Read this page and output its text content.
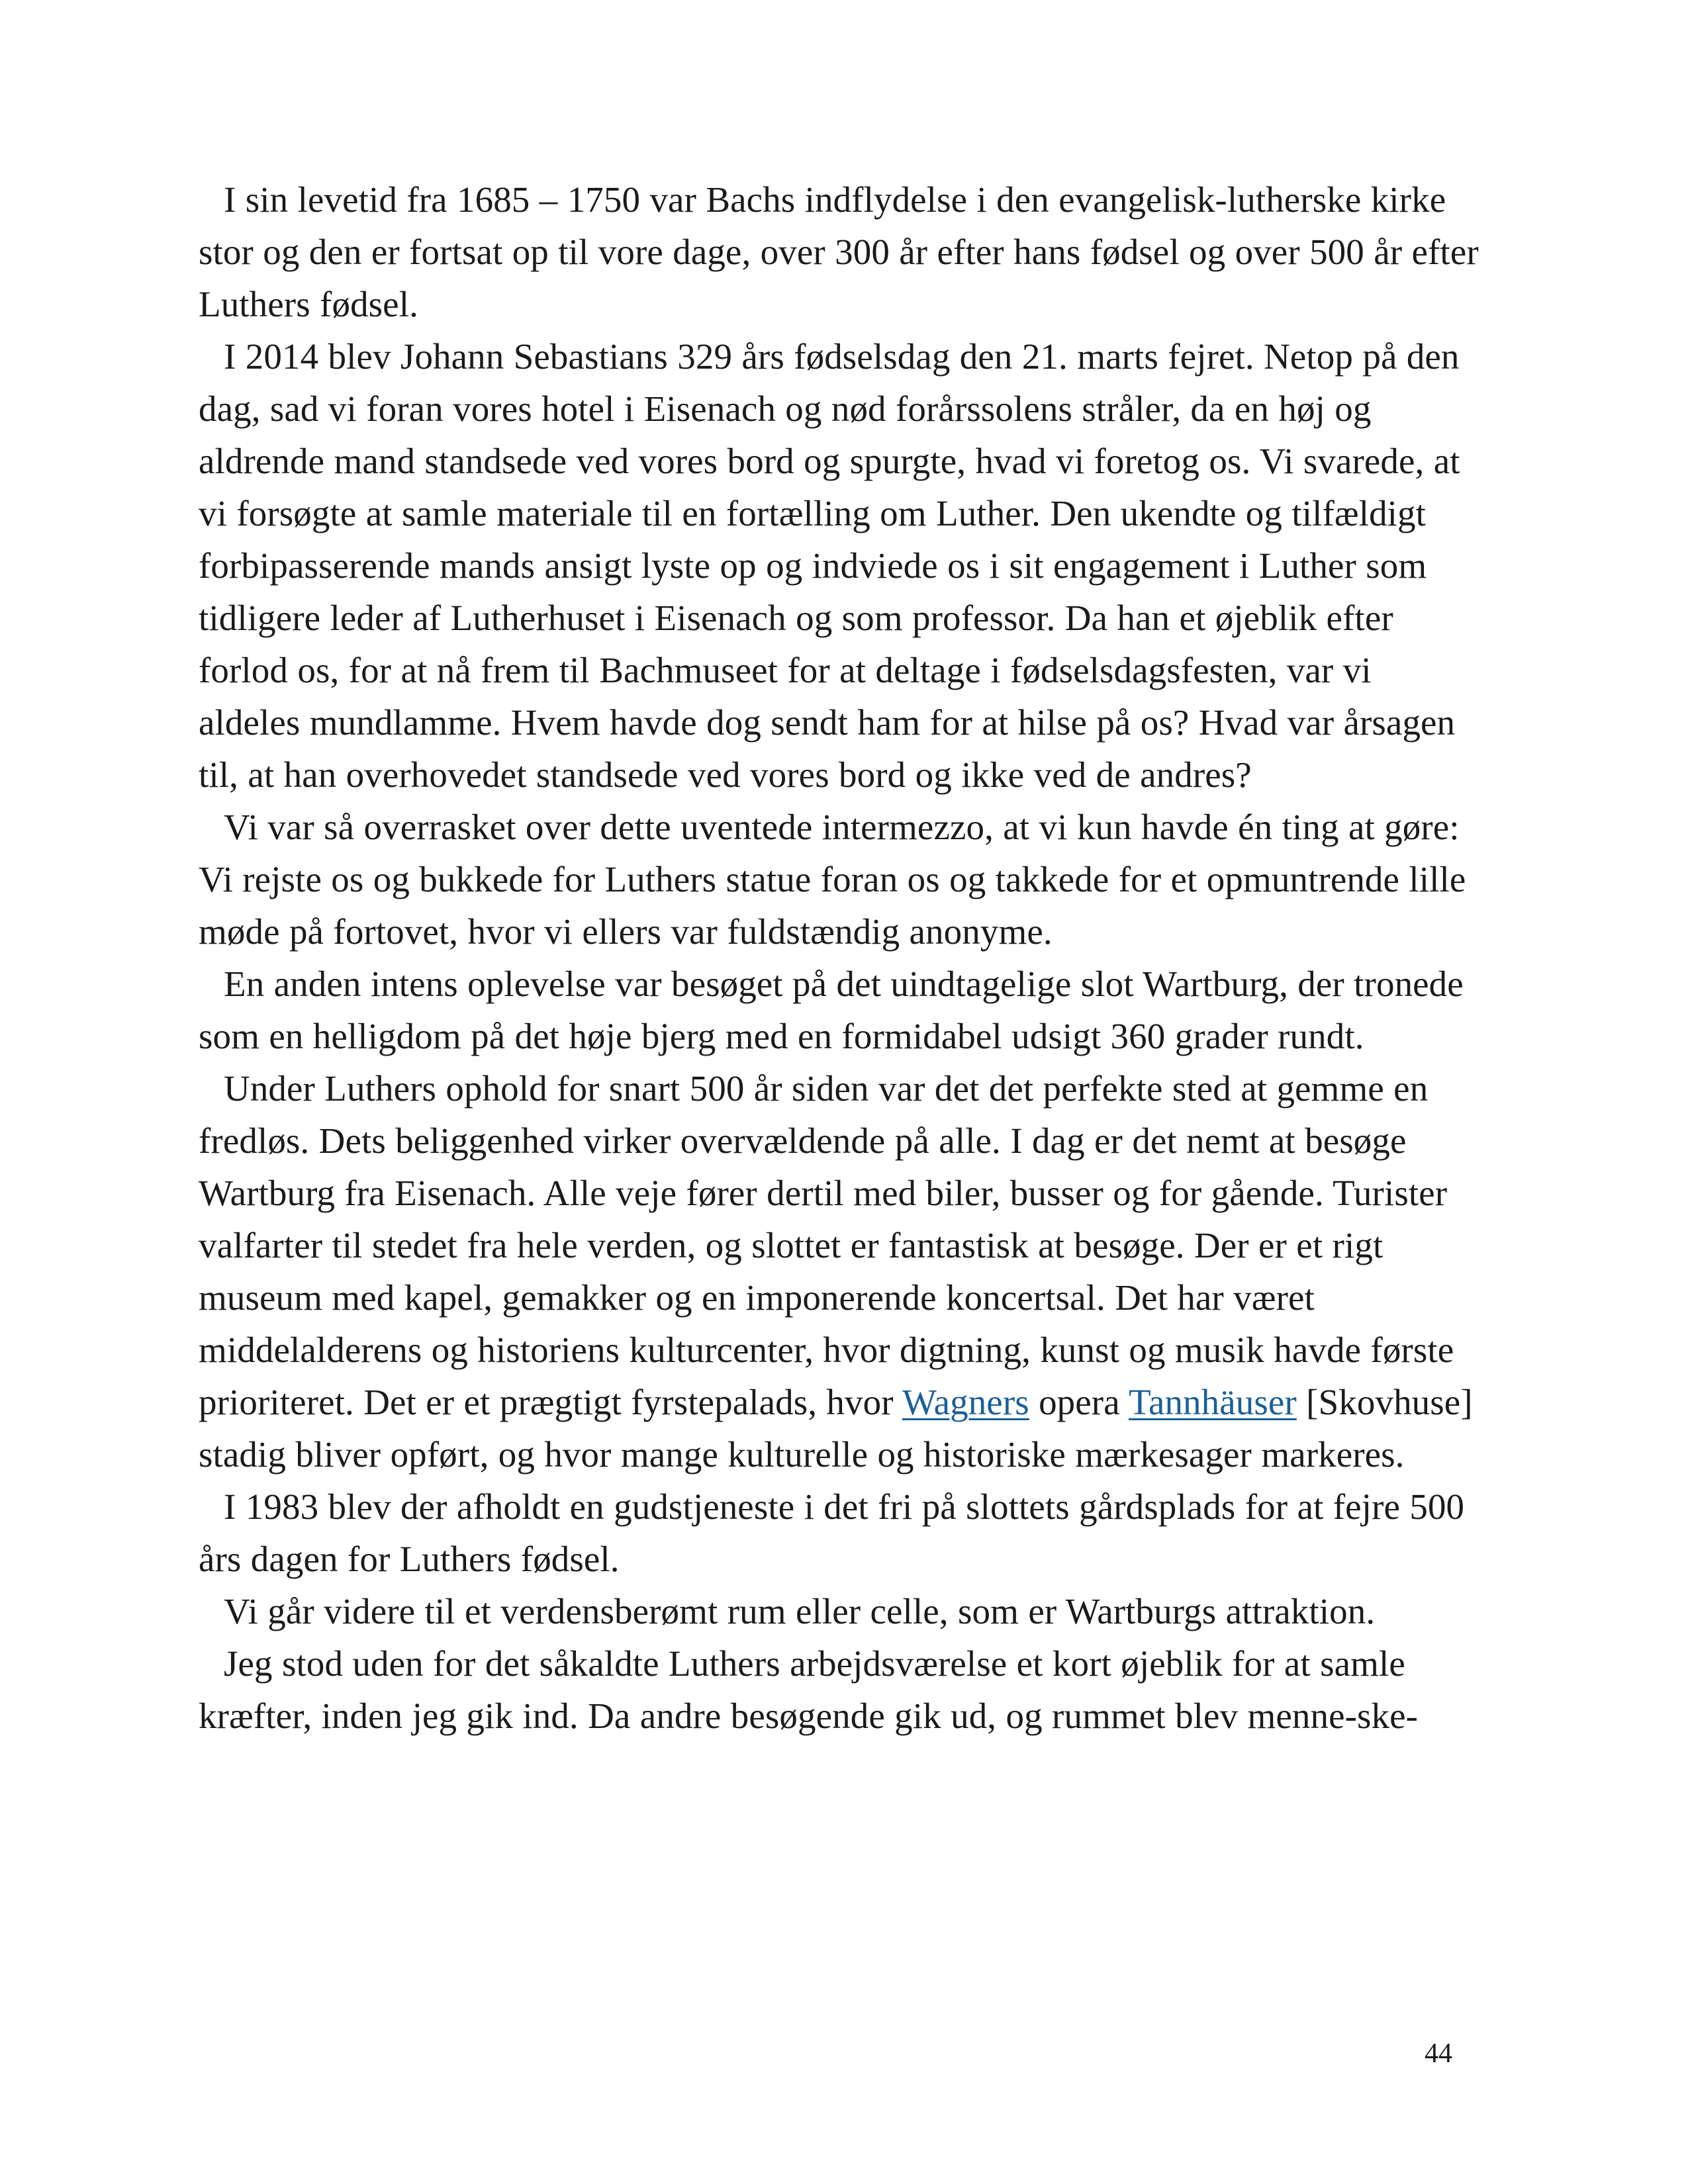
I sin levetid fra 1685 – 1750 var Bachs indflydelse i den evangelisk-lutherske kirke stor og den er fortsat op til vore dage, over 300 år efter hans fødsel og over 500 år efter Luthers fødsel.

I 2014 blev Johann Sebastians 329 års fødselsdag den 21. marts fejret. Netop på den dag, sad vi foran vores hotel i Eisenach og nød forårssolens stråler, da en høj og aldrende mand standsede ved vores bord og spurgte, hvad vi foretog os. Vi svarede, at vi forsøgte at samle materiale til en fortælling om Luther. Den ukendte og tilfældigt forbipasserende mands ansigt lyste op og indviede os i sit engagement i Luther som tidligere leder af Lutherhuset i Eisenach og som professor. Da han et øjeblik efter forlod os, for at nå frem til Bachmuseet for at deltage i fødselsdagsfesten, var vi aldeles mundlamme. Hvem havde dog sendt ham for at hilse på os? Hvad var årsagen til, at han overhovedet standsede ved vores bord og ikke ved de andres?

Vi var så overrasket over dette uventede intermezzo, at vi kun havde én ting at gøre: Vi rejste os og bukkede for Luthers statue foran os og takkede for et opmuntrende lille møde på fortovet, hvor vi ellers var fuldstændig anonyme.

En anden intens oplevelse var besøget på det uindtagelige slot Wartburg, der tronede som en helligdom på det høje bjerg med en formidabel udsigt 360 grader rundt.

Under Luthers ophold for snart 500 år siden var det det perfekte sted at gemme en fredløs. Dets beliggenhed virker overvældende på alle. I dag er det nemt at besøge Wartburg fra Eisenach. Alle veje fører dertil med biler, busser og for gående. Turister valfarter til stedet fra hele verden, og slottet er fantastisk at besøge. Der er et rigt museum med kapel, gemakker og en imponerende koncertsal. Det har været middelalderens og historiens kulturcenter, hvor digtning, kunst og musik havde første prioriteret. Det er et prægtigt fyrstepalads, hvor Wagners opera Tannhäuser [Skovhuse] stadig bliver opført, og hvor mange kulturelle og historiske mærkesager markeres.

I 1983 blev der afholdt en gudstjeneste i det fri på slottets gårdsplads for at fejre 500 års dagen for Luthers fødsel.

Vi går videre til et verdensberømt rum eller celle, som er Wartburgs attraktion.

Jeg stod uden for det såkaldte Luthers arbejdsværelse et kort øjeblik for at samle kræfter, inden jeg gik ind. Da andre besøgende gik ud, og rummet blev menne-ske-

44
